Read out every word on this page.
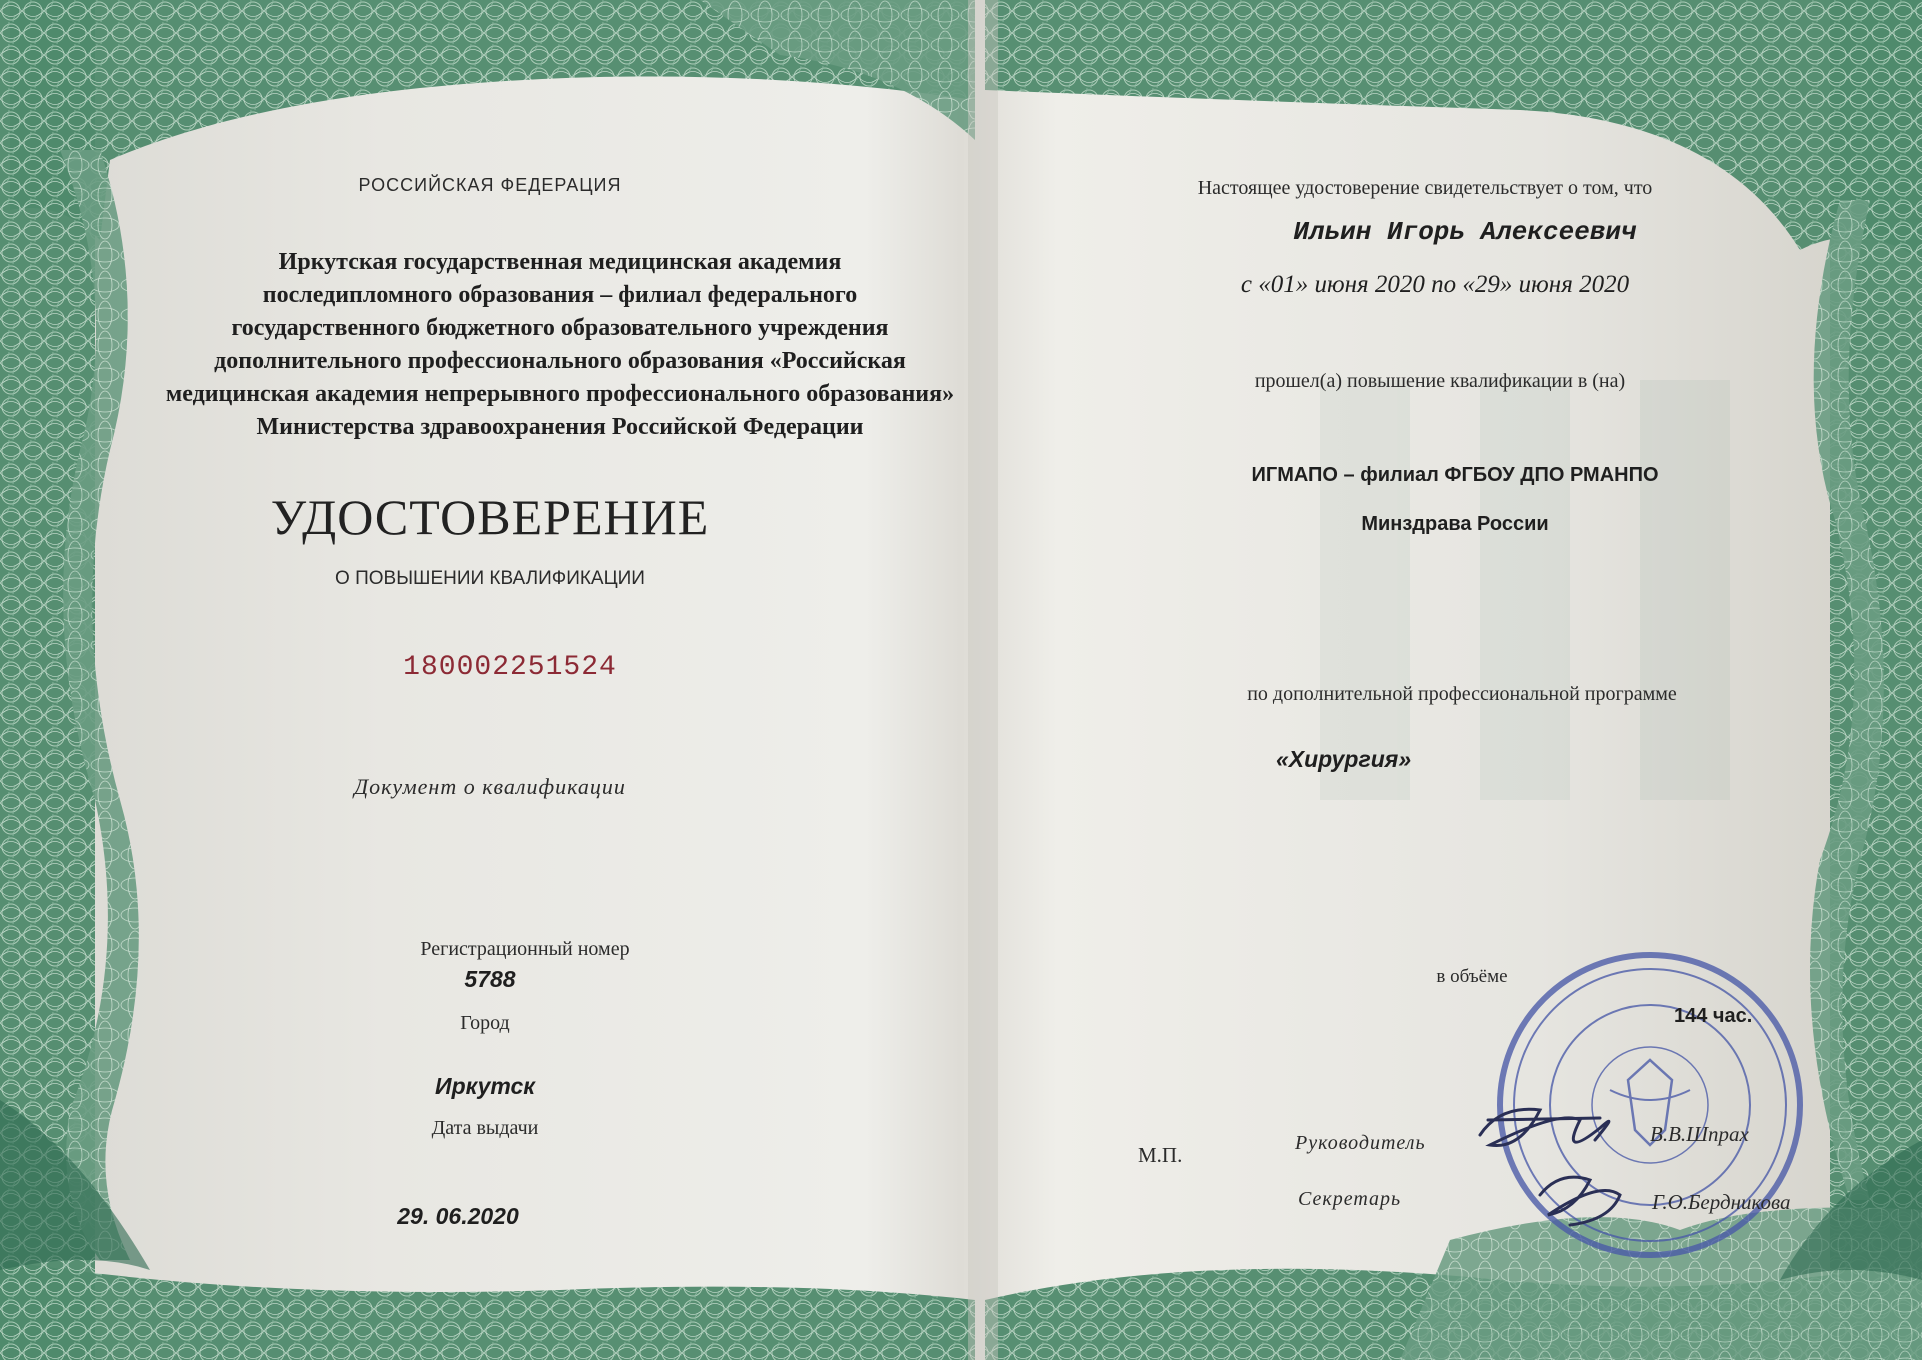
РОССИЙСКАЯ ФЕДЕРАЦИЯ
Иркутская государственная медицинская академия
последипломного образования – филиал федерального
государственного бюджетного образовательного учреждения
дополнительного профессионального образования «Российская
медицинская академия непрерывного профессионального образования»
Министерства здравоохранения Российской Федерации
УДОСТОВЕРЕНИЕ
О ПОВЫШЕНИИ КВАЛИФИКАЦИИ
180002251524
Документ о квалификации
Регистрационный номер
5788
Город
Иркутск
Дата выдачи
29. 06.2020
Настоящее удостоверение свидетельствует о том, что
Ильин Игорь Алексеевич
с «01» июня 2020 по «29» июня 2020
прошел(а) повышение квалификации в (на)
ИГМАПО – филиал ФГБОУ ДПО РМАНПО
Минздрава России
по дополнительной профессиональной программе
«Хирургия»
в объёме
144 час.
М.П.	Руководитель	В.В.Шпрах
Секретарь	Г.О.Бердникова
